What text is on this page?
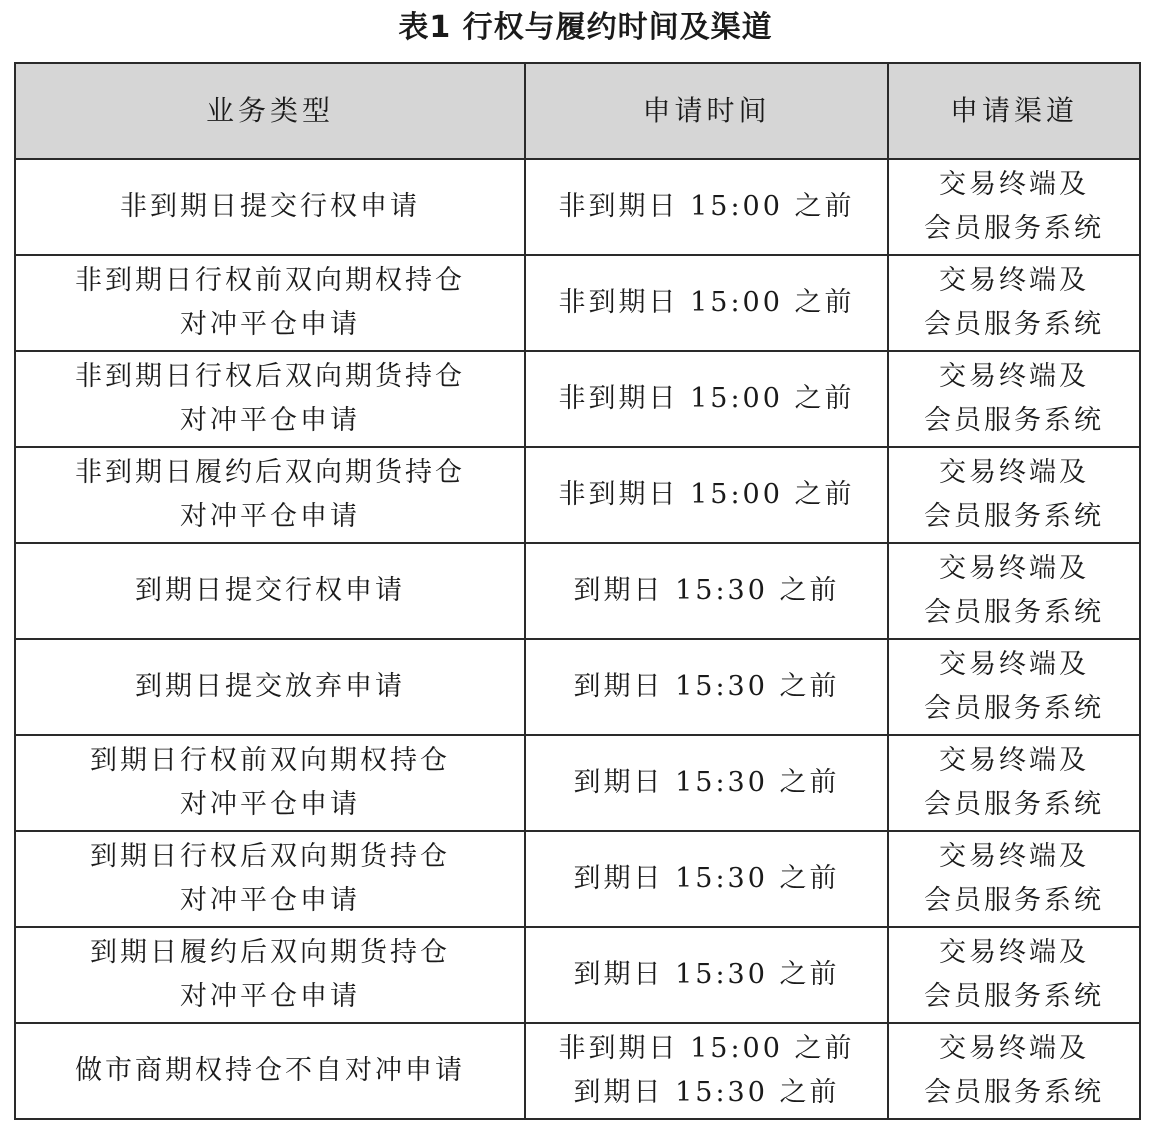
表1 行权与履约时间及渠道
业务类型	申请时间	申请渠道

非到期日提交行权申请	非到期日 15:00 之前	交易终端及
会员服务系统

非到期日行权前双向期权持仓
对冲平仓申请	非到期日 15:00 之前	交易终端及
会员服务系统

非到期日行权后双向期货持仓
对冲平仓申请	非到期日 15:00 之前	交易终端及
会员服务系统

非到期日履约后双向期货持仓
对冲平仓申请	非到期日 15:00 之前	交易终端及
会员服务系统

到期日提交行权申请	到期日 15:30 之前	交易终端及
会员服务系统

到期日提交放弃申请	到期日 15:30 之前	交易终端及
会员服务系统

到期日行权前双向期权持仓
对冲平仓申请	到期日 15:30 之前	交易终端及
会员服务系统

到期日行权后双向期货持仓
对冲平仓申请	到期日 15:30 之前	交易终端及
会员服务系统

到期日履约后双向期货持仓
对冲平仓申请	到期日 15:30 之前	交易终端及
会员服务系统

做市商期权持仓不自对冲申请	非到期日 15:00 之前
到期日 15:30 之前	交易终端及
会员服务系统
